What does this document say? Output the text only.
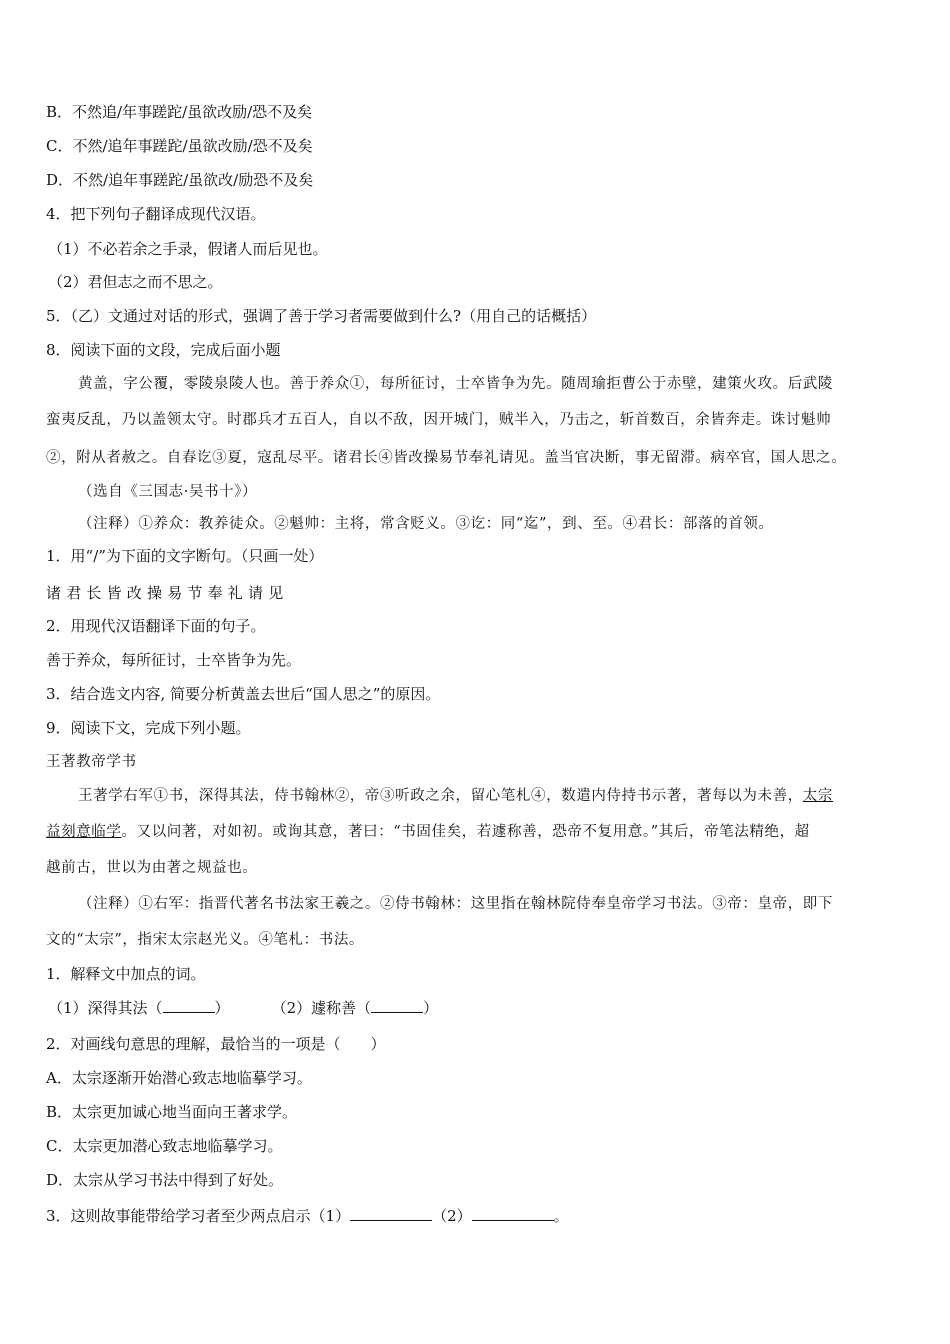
B．不然追/年事蹉跎/虽欲改励/恐不及矣
C．不然/追年事蹉跎/虽欲改励/恐不及矣
D．不然/追年事蹉跎/虽欲改/励恐不及矣
4．把下列句子翻译成现代汉语。
（1）不必若余之手录，假诸人而后见也。
（2）君但志之而不思之。
5．（乙）文通过对话的形式，强调了善于学习者需要做到什么?（用自己的话概括）
8．阅读下面的文段，完成后面小题
黄盖，字公覆，零陵泉陵人也。善于养众①，每所征讨，士卒皆争为先。随周瑜拒曹公于赤壁，建策火攻。后武陵
蛮夷反乱，乃以盖领太守。时郡兵才五百人，自以不敌，因开城门，贼半入，乃击之，斩首数百，余皆奔走。诛讨魁帅
②，附从者赦之。自春讫③夏，寇乱尽平。诸君长④皆改操易节奉礼请见。盖当官决断，事无留滞。病卒官，国人思之。
（选自《三国志·吴书十》）
（注释）①养众：教养徒众。②魁帅：主将，常含贬义。③讫：同“迄”，到、至。④君长：部落的首领。
1．用“/”为下面的文字断句。（只画一处）
诸君长皆改操易节奉礼请见
2．用现代汉语翻译下面的句子。
善于养众，每所征讨，士卒皆争为先。
3．结合选文内容, 简要分析黄盖去世后“国人思之”的原因。
9．阅读下文，完成下列小题。
王著教帝学书
王著学右军①书，深得其法，侍书翰林②，帝③听政之余，留心笔札④，数遣内侍持书示著，著每以为未善，太宗
益刻意临学。又以问著，对如初。或询其意，著曰：“书固佳矣，若遽称善，恐帝不复用意。”其后，帝笔法精绝，超
越前古，世以为由著之规益也。
（注释）①右军：指晋代著名书法家王羲之。②侍书翰林：这里指在翰林院侍奉皇帝学习书法。③帝：皇帝，即下
文的“太宗”，指宋太宗赵光义。④笔札：书法。
1．解释文中加点的词。
（1）深得其法（	）	（2）遽称善（	）
2．对画线句意思的理解，最恰当的一项是（　　）
A．太宗逐渐开始潜心致志地临摹学习。
B．太宗更加诚心地当面向王著求学。
C．太宗更加潜心致志地临摹学习。
D．太宗从学习书法中得到了好处。
3．这则故事能带给学习者至少两点启示（1）	（2）	。
